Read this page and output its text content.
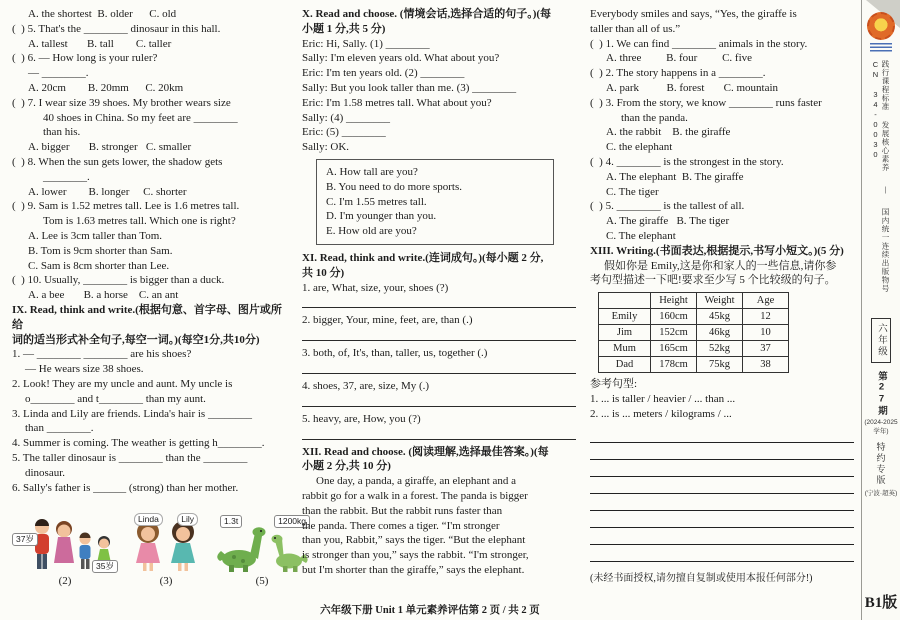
A. the shortest  B. older      C. old
(  ) 5. That's the ________ dinosaur in this hall.
A. tallest       B. tall        C. taller
(  ) 6. — How long is your ruler?
— ________.
A. 20cm        B. 20mm      C. 20km
(  ) 7. I wear size 39 shoes. My brother wears size
40 shoes in China. So my feet are ________
than his.
A. bigger       B. stronger   C. smaller
(  ) 8. When the sun gets lower, the shadow gets
________.
A. lower        B. longer     C. shorter
(  ) 9. Sam is 1.52 metres tall. Lee is 1.6 metres tall.
Tom is 1.63 metres tall. Which one is right?
A. Lee is 3cm taller than Tom.
B. Tom is 9cm shorter than Sam.
C. Sam is 8cm shorter than Lee.
(  ) 10. Usually, ________ is bigger than a duck.
A. a bee       B. a horse    C. an ant
IX. Read, think and write.(根据句意、首字母、图片或所给
词的适当形式补全句子,每空一词。)(每空1分,共10分)
1. — ________ ________ are his shoes?
— He wears size 38 shoes.
2. Look! They are my uncle and aunt. My uncle is
o________ and t________ than my aunt.
3. Linda and Lily are friends. Linda's hair is ________
than ________.
4. Summer is coming. The weather is getting h________.
5. The taller dinosaur is ________ than the ________
dinosaur.
6. Sally's father is ______ (strong) than her mother.
37岁
35岁
(2)
Linda	Lily
(3)
1.3t	1200kg
(5)
X. Read and choose. (情境会话,选择合适的句子。)(每
小题 1 分,共 5 分)
Eric: Hi, Sally. (1) ________
Sally: I'm eleven years old. What about you?
Eric: I'm ten years old. (2) ________
Sally: But you look taller than me. (3) ________
Eric: I'm 1.58 metres tall. What about you?
Sally: (4) ________
Eric: (5) ________
Sally: OK.
A. How tall are you?
B. You need to do more sports.
C. I'm 1.55 metres tall.
D. I'm younger than you.
E. How old are you?
XI. Read, think and write.(连词成句。)(每小题 2 分,
共 10 分)
1. are, What, size, your, shoes (?)
2. bigger, Your, mine, feet, are, than (.)
3. both, of, It's, than, taller, us, together (.)
4. shoes, 37, are, size, My (.)
5. heavy, are, How, you (?)
XII. Read and choose. (阅读理解,选择最佳答案。)(每
小题 2 分,共 10 分)
One day, a panda, a giraffe, an elephant and a
rabbit go for a walk in a forest. The panda is bigger
than the rabbit. But the rabbit runs faster than
the panda. There comes a tiger. “I'm stronger
than you, Rabbit,” says the tiger. “But the elephant
is stronger than you,” says the rabbit. “I'm stronger,
but I'm shorter than the giraffe,” says the elephant.
Everybody smiles and says, “Yes, the giraffe is
taller than all of us.”
(  ) 1. We can find ________ animals in the story.
A. three         B. four         C. five
(  ) 2. The story happens in a ________.
A. park          B. forest       C. mountain
(  ) 3. From the story, we know ________ runs faster
than the panda.
A. the rabbit    B. the giraffe
C. the elephant
(  ) 4. ________ is the strongest in the story.
A. The elephant  B. The giraffe
C. The tiger
(  ) 5. ________ is the tallest of all.
A. The giraffe   B. The tiger
C. The elephant
XIII. Writing.(书面表达,根据提示,书写小短文。)(5 分)
假如你是 Emily,这是你和家人的一些信息,请你参
考句型描述一下吧!要求至少写 5 个比较级的句子。
	Height	Weight	Age
Emily	160cm	45kg	12
Jim	152cm	46kg	10
Mum	165cm	52kg	37
Dad	178cm	75kg	38
参考句型:
1. ... is taller / heavier / ... than ...
2. ... is ... meters / kilograms / ...
(未经书面授权,请勿擅自复制或使用本报任何部分!)
践行课程标准 发展核心素养 | 国内统一连续出版物号 CN 34-0030
六年级
第27期
(2024-2025学年)
特约专版
(宁波·超英)
B1版
六年级下册 Unit 1 单元素养评估第 2 页 / 共 2 页
